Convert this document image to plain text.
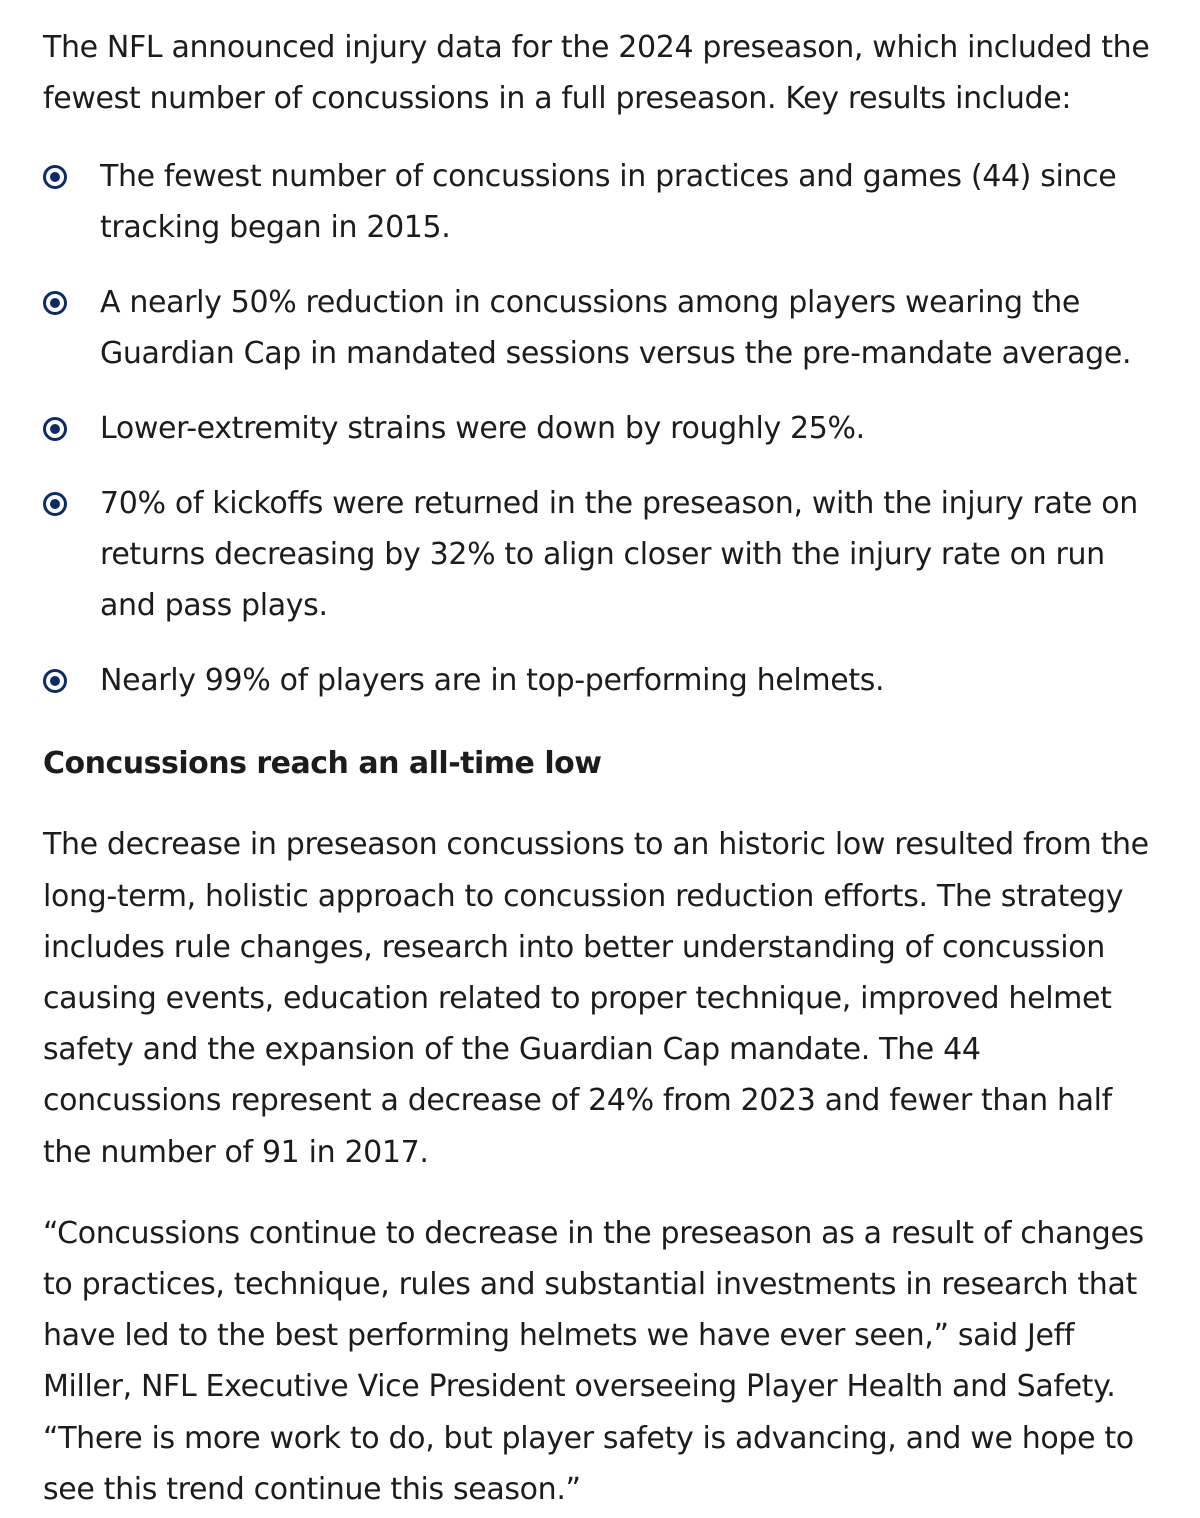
The NFL announced injury data for the 2024 preseason, which included the fewest number of concussions in a full preseason. Key results include:

The fewest number of concussions in practices and games (44) since tracking began in 2015.
A nearly 50% reduction in concussions among players wearing the Guardian Cap in mandated sessions versus the pre-mandate average.
Lower-extremity strains were down by roughly 25%.
70% of kickoffs were returned in the preseason, with the injury rate on returns decreasing by 32% to align closer with the injury rate on run and pass plays.
Nearly 99% of players are in top-performing helmets.
Concussions reach an all-time low

The decrease in preseason concussions to an historic low resulted from the long-term, holistic approach to concussion reduction efforts. The strategy includes rule changes, research into better understanding of concussion causing events, education related to proper technique, improved helmet safety and the expansion of the Guardian Cap mandate. The 44 concussions represent a decrease of 24% from 2023 and fewer than half the number of 91 in 2017.

“Concussions continue to decrease in the preseason as a result of changes to practices, technique, rules and substantial investments in research that have led to the best performing helmets we have ever seen,” said Jeff Miller, NFL Executive Vice President overseeing Player Health and Safety. “There is more work to do, but player safety is advancing, and we hope to see this trend continue this season.”
